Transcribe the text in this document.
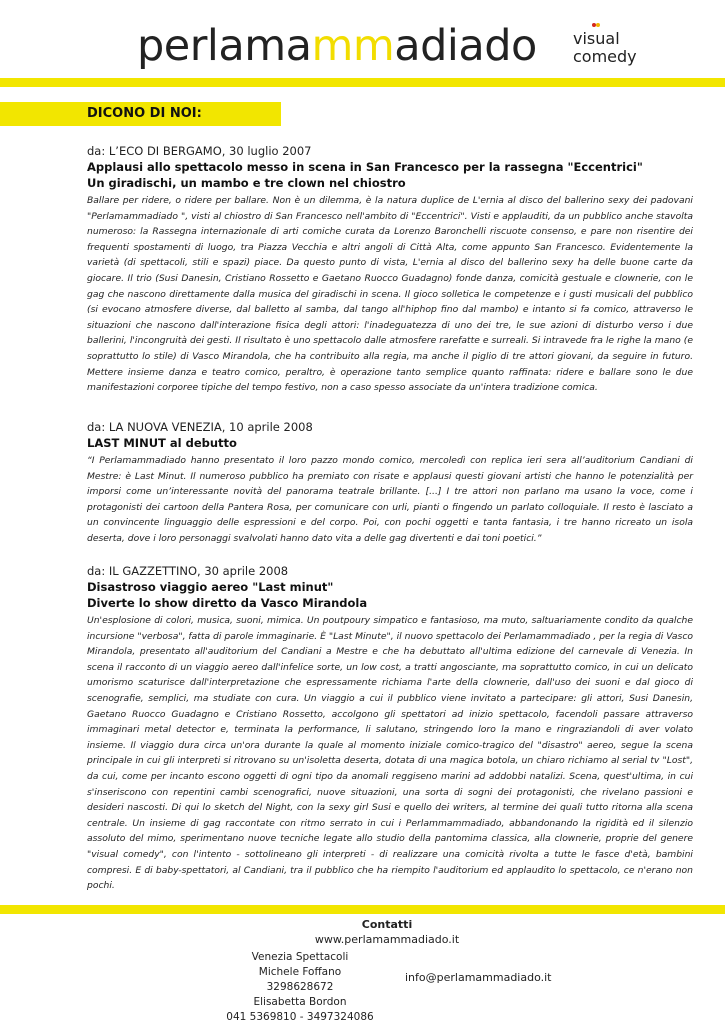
perlamammadiado visual
comedy
DICONO DI NOI:
da: L’ECO DI BERGAMO, 30 luglio 2007
Applausi allo spettacolo messo in scena in San Francesco per la rassegna "Eccentrici"
Un giradischi, un mambo e tre clown nel chiostro
Ballare per ridere, o ridere per ballare. Non è un dilemma, è la natura duplice de L'ernia al disco del ballerino sexy dei padovani "Perlamammadiado ", visti al chiostro di San Francesco nell'ambito di "Eccentrici". Visti e applauditi, da un pubblico anche stavolta numeroso: la Rassegna internazionale di arti comiche curata da Lorenzo Baronchelli riscuote consenso, e pare non risentire dei frequenti spostamenti di luogo, tra Piazza Vecchia e altri angoli di Città Alta, come appunto San Francesco. Evidentemente la varietà (di spettacoli, stili e spazi) piace. Da questo punto di vista, L'ernia al disco del ballerino sexy ha delle buone carte da giocare. Il trio (Susi Danesin, Cristiano Rossetto e Gaetano Ruocco Guadagno) fonde danza, comicità gestuale e clownerie, con le gag che nascono direttamente dalla musica del giradischi in scena. Il gioco solletica le competenze e i gusti musicali del pubblico (si evocano atmosfere diverse, dal balletto al samba, dal tango all'hiphop fino dal mambo) e intanto si fa comico, attraverso le situazioni che nascono dall'interazione fisica degli attori: l'inadeguatezza di uno dei tre, le sue azioni di disturbo verso i due ballerini, l'incongruità dei gesti. Il risultato è uno spettacolo dalle atmosfere rarefatte e surreali. Si intravede fra le righe la mano (e soprattutto lo stile) di Vasco Mirandola, che ha contribuito alla regia, ma anche il piglio di tre attori giovani, da seguire in futuro. Mettere insieme danza e teatro comico, peraltro, è operazione tanto semplice quanto raffinata: ridere e ballare sono le due manifestazioni corporee tipiche del tempo festivo, non a caso spesso associate da un'intera tradizione comica.
da: LA NUOVA VENEZIA, 10 aprile 2008
LAST MINUT al debutto
“I Perlamammadiado hanno presentato il loro pazzo mondo comico, mercoledì con replica ieri sera all’auditorium Candiani di Mestre: è Last Minut. Il numeroso pubblico ha premiato con risate e applausi questi giovani artisti che hanno le potenzialità per imporsi come un’interessante novità del panorama teatrale brillante. [...] I tre attori non parlano ma usano la voce, come i protagonisti dei cartoon della Pantera Rosa, per comunicare con urli, pianti o fingendo un parlato colloquiale. Il resto è lasciato a un convincente linguaggio delle espressioni e del corpo. Poi, con pochi oggetti e tanta fantasia, i tre hanno ricreato un isola deserta, dove i loro personaggi svalvolati hanno dato vita a delle gag divertenti e dai toni poetici.”
da: IL GAZZETTINO, 30 aprile 2008
Disastroso viaggio aereo "Last minut"
Diverte lo show diretto da Vasco Mirandola
Un'esplosione di colori, musica, suoni, mimica. Un poutpoury simpatico e fantasioso, ma muto, saltuariamente condito da qualche incursione "verbosa", fatta di parole immaginarie. È "Last Minute", il nuovo spettacolo dei Perlamammadiado , per la regia di Vasco Mirandola, presentato all'auditorium del Candiani a Mestre e che ha debuttato all'ultima edizione del carnevale di Venezia. In scena il racconto di un viaggio aereo dall'infelice sorte, un low cost, a tratti angosciante, ma soprattutto comico, in cui un delicato umorismo scaturisce dall'interpretazione che espressamente richiama l'arte della clownerie, dall'uso dei suoni e dal gioco di scenografie, semplici, ma studiate con cura. Un viaggio a cui il pubblico viene invitato a partecipare: gli attori, Susi Danesin, Gaetano Ruocco Guadagno e Cristiano Rossetto, accolgono gli spettatori ad inizio spettacolo, facendoli passare attraverso immaginari metal detector e, terminata la performance, li salutano, stringendo loro la mano e ringraziandoli di aver volato insieme. Il viaggio dura circa un'ora durante la quale al momento iniziale comico-tragico del "disastro" aereo, segue la scena principale in cui gli interpreti si ritrovano su un'isoletta deserta, dotata di una magica botola, un chiaro richiamo al serial tv "Lost", da cui, come per incanto escono oggetti di ogni tipo da anomali reggiseno marini ad addobbi natalizi. Scena, quest'ultima, in cui s'inseriscono con repentini cambi scenografici, nuove situazioni, una sorta di sogni dei protagonisti, che rivelano passioni e desideri nascosti. Di qui lo sketch del Night, con la sexy girl Susi e quello dei writers, al termine dei quali tutto ritorna alla scena centrale. Un insieme di gag raccontate con ritmo serrato in cui i Perlammammadiado, abbandonando la rigidità ed il silenzio assoluto del mimo, sperimentano nuove tecniche legate allo studio della pantomima classica, alla clownerie, proprie del genere "visual comedy", con l'intento - sottolineano gli interpreti - di realizzare una comicità rivolta a tutte le fasce d'età, bambini compresi. E di baby-spettatori, al Candiani, tra il pubblico che ha riempito l'auditorium ed applaudito lo spettacolo, ce n'erano non pochi.
Contatti
www.perlamammadiado.it
Venezia Spettacoli
Michele Foffano 3298628672
Elisabetta Bordon
041 5369810 - 3497324086
info@perlamammadiado.it
